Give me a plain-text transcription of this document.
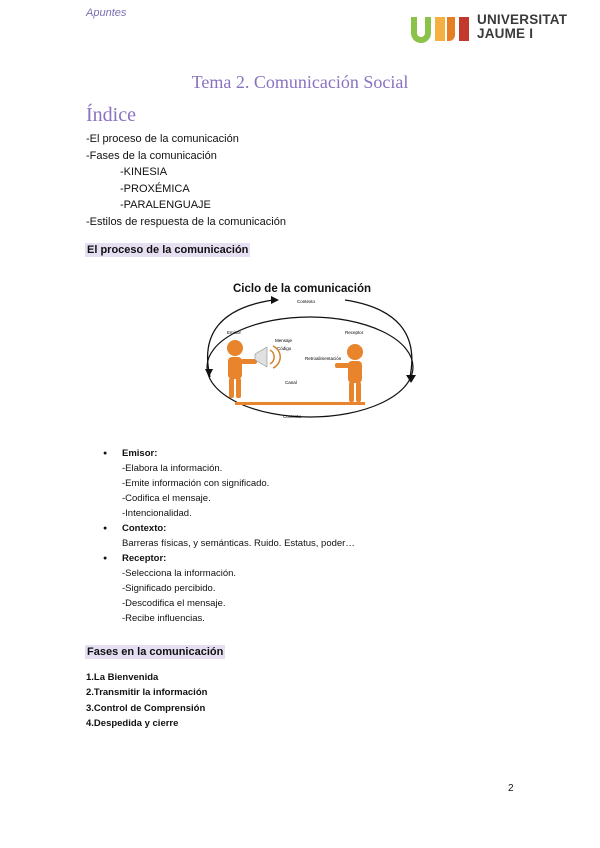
Apuntes	UNIVERSITAT
JAUME I
Tema 2. Comunicación Social
Índice
-El proceso de la comunicación
-Fases de la comunicación
-KINESIA
-PROXÉMICA
-PARALENGUAJE
-Estilos de respuesta de la comunicación
El proceso de la comunicación
Ciclo de la comunicación
Contexto
Emisor	Receptor
Mensaje
Código
Retroalimentación
Canal
Contexto
● Emisor:
-Elabora la información.
-Emite información con significado.
-Codifica el mensaje.
-Intencionalidad.
● Contexto:
Barreras físicas, y semánticas. Ruido. Estatus, poder…
● Receptor:
-Selecciona la información.
-Significado percibido.
-Descodifica el mensaje.
-Recibe influencias.
Fases en la comunicación
1.La Bienvenida
2.Transmitir la información
3.Control de Comprensión
4.Despedida y cierre
2
